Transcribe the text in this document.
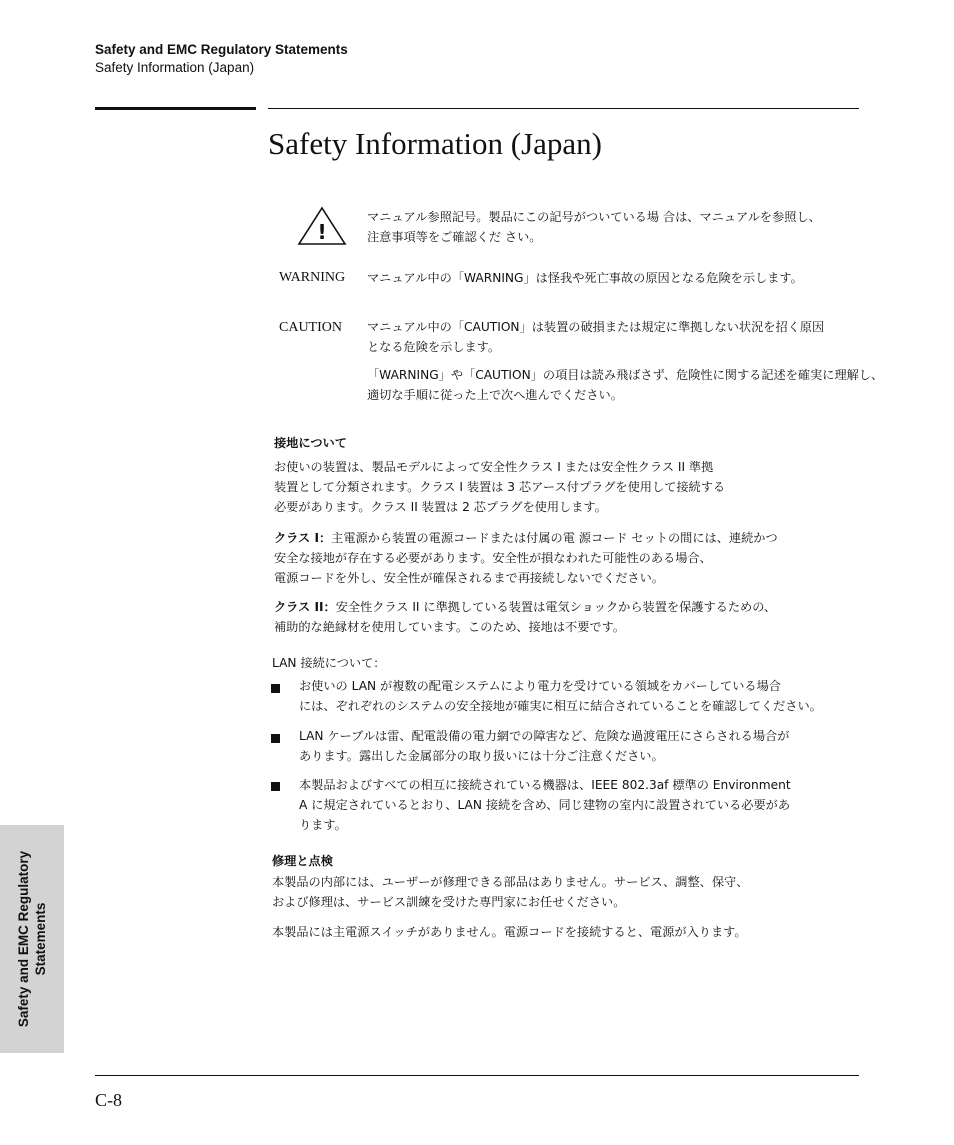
Safety and EMC Regulatory Statements
Safety Information (Japan)
Safety Information (Japan)
!
マニュアル参照記号。製品にこの記号がついている場 合は、マニュアルを参照し、
注意事項等をご確認くだ さい。
WARNING マニュアル中の「WARNING」は怪我や死亡事故の原因となる危険を示します。
CAUTION マニュアル中の「CAUTION」は装置の破損または規定に準拠しない状況を招く原因
となる危険を示します。
「WARNING」や「CAUTION」の項目は読み飛ばさず、危険性に関する記述を確実に理解し、
適切な手順に従った上で次へ進んでください。
接地について
お使いの装置は、製品モデルによって安全性クラス I または安全性クラス II 準拠
装置として分類されます。クラス I 装置は 3 芯アース付プラグを使用して接続する
必要があります。クラス II 装置は 2 芯プラグを使用します。
クラス I：主電源から装置の電源コードまたは付属の電 源コード セットの間には、連続かつ
安全な接地が存在する必要があります。安全性が損なわれた可能性のある場合、
電源コードを外し、安全性が確保されるまで再接続しないでください。
クラス II：安全性クラス II に準拠している装置は電気ショックから装置を保護するための、
補助的な絶縁材を使用しています。このため、接地は不要です。
LAN 接続について：
お使いの LAN が複数の配電システムにより電力を受けている領域をカバーしている場合
には、ぞれぞれのシステムの安全接地が確実に相互に結合されていることを確認してください。
LAN ケーブルは雷、配電設備の電力網での障害など、危険な過渡電圧にさらされる場合が
あります。露出した金属部分の取り扱いには十分ご注意ください。
本製品およびすべての相互に接続されている機器は、IEEE 802.3af 標準の Environment
A に規定されているとおり、LAN 接続を含め、同じ建物の室内に設置されている必要があ
ります。
修理と点検
本製品の内部には、ユーザーが修理できる部品はありません。サービス、調整、保守、
および修理は、サービス訓練を受けた専門家にお任せください。
本製品には主電源スイッチがありません。電源コードを接続すると、電源が入ります。
Safety and EMC Regulatory Statements
C-8
